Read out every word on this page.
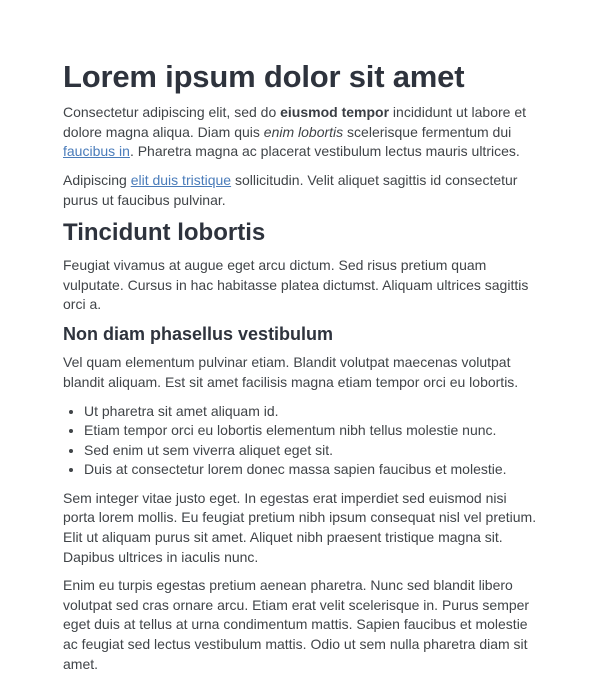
Lorem ipsum dolor sit amet

Consectetur adipiscing elit, sed do eiusmod tempor incididunt ut labore et dolore magna aliqua. Diam quis enim lobortis scelerisque fermentum dui faucibus in. Pharetra magna ac placerat vestibulum lectus mauris ultrices.

Adipiscing elit duis tristique sollicitudin. Velit aliquet sagittis id consectetur purus ut faucibus pulvinar.

Tincidunt lobortis

Feugiat vivamus at augue eget arcu dictum. Sed risus pretium quam vulputate. Cursus in hac habitasse platea dictumst. Aliquam ultrices sagittis orci a.

Non diam phasellus vestibulum

Vel quam elementum pulvinar etiam. Blandit volutpat maecenas volutpat blandit aliquam. Est sit amet facilisis magna etiam tempor orci eu lobortis.

• Ut pharetra sit amet aliquam id.
• Etiam tempor orci eu lobortis elementum nibh tellus molestie nunc.
• Sed enim ut sem viverra aliquet eget sit.
• Duis at consectetur lorem donec massa sapien faucibus et molestie.

Sem integer vitae justo eget. In egestas erat imperdiet sed euismod nisi porta lorem mollis. Eu feugiat pretium nibh ipsum consequat nisl vel pretium. Elit ut aliquam purus sit amet. Aliquet nibh praesent tristique magna sit. Dapibus ultrices in iaculis nunc.

Enim eu turpis egestas pretium aenean pharetra. Nunc sed blandit libero volutpat sed cras ornare arcu. Etiam erat velit scelerisque in. Purus semper eget duis at tellus at urna condimentum mattis. Sapien faucibus et molestie ac feugiat sed lectus vestibulum mattis. Odio ut sem nulla pharetra diam sit amet.
